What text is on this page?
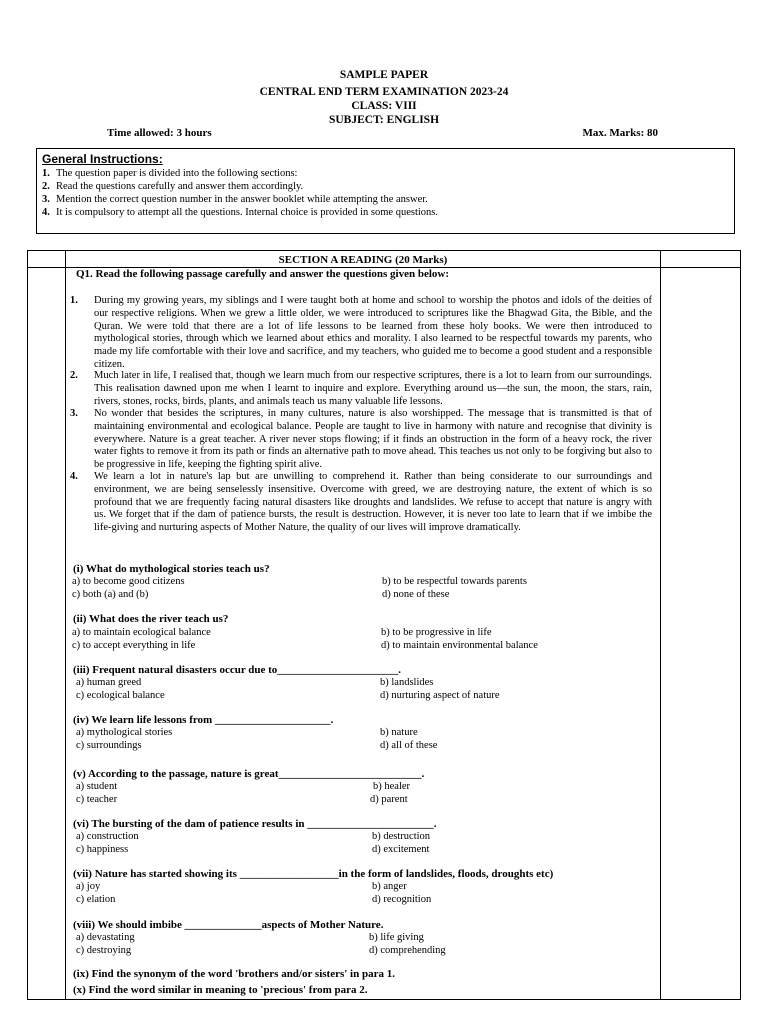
SAMPLE PAPER
CENTRAL END TERM EXAMINATION 2023-24
CLASS: VIII
SUBJECT: ENGLISH
Time allowed: 3 hours	Max. Marks: 80
General Instructions:
1. The question paper is divided into the following sections:
2. Read the questions carefully and answer them accordingly.
3. Mention the correct question number in the answer booklet while attempting the answer.
4. It is compulsory to attempt all the questions. Internal choice is provided in some questions.
SECTION A READING (20 Marks)
Q1. Read the following passage carefully and answer the questions given below:
1.	During my growing years, my siblings and I were taught both at home and school to worship the photos and idols of the deities of our respective religions. When we grew a little older, we were introduced to scriptures like the Bhagwad Gita, the Bible, and the Quran. We were told that there are a lot of life lessons to be learned from these holy books. We were then introduced to mythological stories, through which we learned about ethics and morality. I also learned to be respectful towards my parents, who made my life comfortable with their love and sacrifice, and my teachers, who guided me to become a good student and a responsible citizen.
2.	Much later in life, I realised that, though we learn much from our respective scriptures, there is a lot to learn from our surroundings. This realisation dawned upon me when I learnt to inquire and explore. Everything around us—the sun, the moon, the stars, rain, rivers, stones, rocks, birds, plants, and animals teach us many valuable life lessons.
3.	No wonder that besides the scriptures, in many cultures, nature is also worshipped. The message that is transmitted is that of maintaining environmental and ecological balance. People are taught to live in harmony with nature and recognise that divinity is everywhere. Nature is a great teacher. A river never stops flowing; if it finds an obstruction in the form of a heavy rock, the river water fights to remove it from its path or finds an alternative path to move ahead. This teaches us not only to be forgiving but also to be progressive in life, keeping the fighting spirit alive.
4.	We learn a lot in nature's lap but are unwilling to comprehend it. Rather than being considerate to our surroundings and environment, we are being senselessly insensitive. Overcome with greed, we are destroying nature, the extent of which is so profound that we are frequently facing natural disasters like droughts and landslides. We refuse to accept that nature is angry with us. We forget that if the dam of patience bursts, the result is destruction. However, it is never too late to learn that if we imbibe the life-giving and nurturing aspects of Mother Nature, the quality of our lives will improve dramatically.
(i) What do mythological stories teach us?
a) to become good citizens	b) to be respectful towards parents
c) both (a) and (b)	d) none of these
(ii) What does the river teach us?
a) to maintain ecological balance	b) to be progressive in life
c) to accept everything in life	d) to maintain environmental balance
(iii) Frequent natural disasters occur due to______________________.
a) human greed	b) landslides
c) ecological balance	d) nurturing aspect of nature
(iv) We learn life lessons from _____________________.
a) mythological stories	b) nature
c) surroundings	d) all of these
(v) According to the passage, nature is great__________________________.
a) student	b) healer
c) teacher	d) parent
(vi) The bursting of the dam of patience results in _______________________.
a) construction	b) destruction
c) happiness	d) excitement
(vii) Nature has started showing its __________________in the form of landslides, floods, droughts etc)
a) joy	b) anger
c) elation	d) recognition
(viii) We should imbibe ______________aspects of Mother Nature.
a) devastating	b) life giving
c) destroying	d) comprehending
(ix) Find the synonym of the word 'brothers and/or sisters' in para 1.
(x) Find the word similar in meaning to 'precious' from para 2.
